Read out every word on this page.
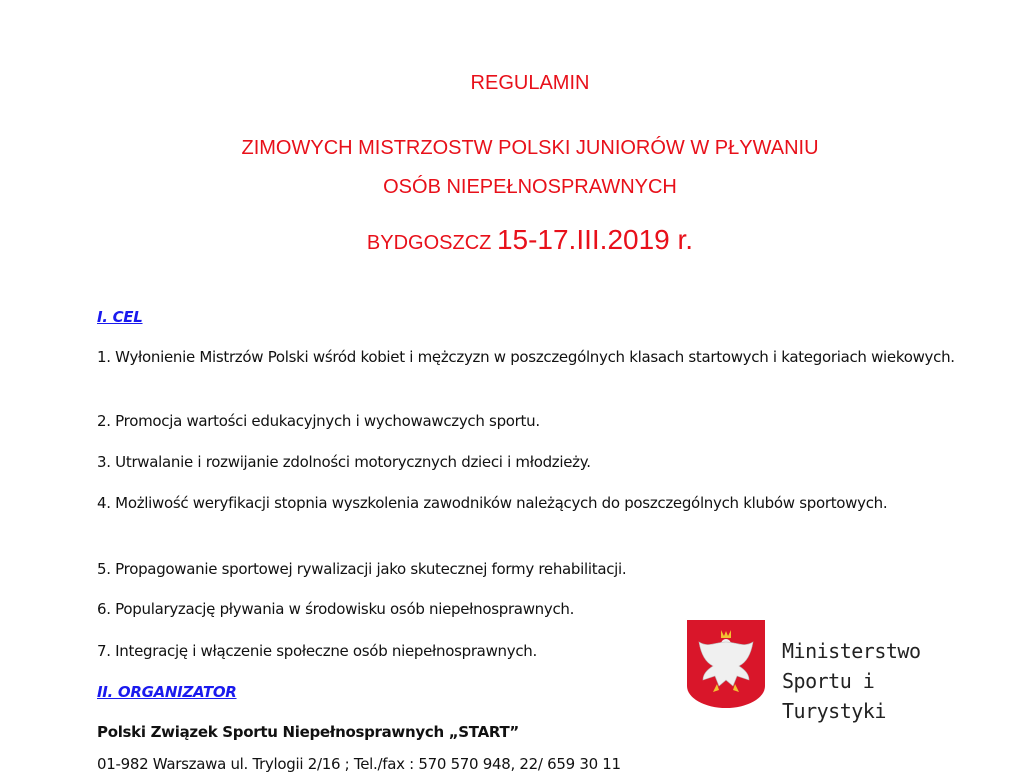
REGULAMIN
ZIMOWYCH MISTRZOSTW POLSKI JUNIORÓW W PŁYWANIU
OSÓB NIEPEŁNOSPRAWNYCH
BYDGOSZCZ 15-17.III.2019 r.
I. CEL
1. Wyłonienie Mistrzów Polski wśród kobiet i mężczyzn w poszczególnych klasach startowych i kategoriach wiekowych.
2. Promocja wartości edukacyjnych i wychowawczych sportu.
3. Utrwalanie i rozwijanie zdolności motorycznych dzieci i młodzieży.
4. Możliwość weryfikacji stopnia wyszkolenia zawodników należących do poszczególnych klubów sportowych.
5. Propagowanie sportowej rywalizacji jako skutecznej formy rehabilitacji.
6. Popularyzację pływania w środowisku osób niepełnosprawnych.
7. Integrację i włączenie społeczne osób niepełnosprawnych.
II. ORGANIZATOR
Polski Związek Sportu Niepełnosprawnych „START”
01-982 Warszawa ul. Trylogii 2/16 ; Tel./fax : 570 570 948, 22/ 659 30 11
Ministerstwo
Sportu i Turystyki
